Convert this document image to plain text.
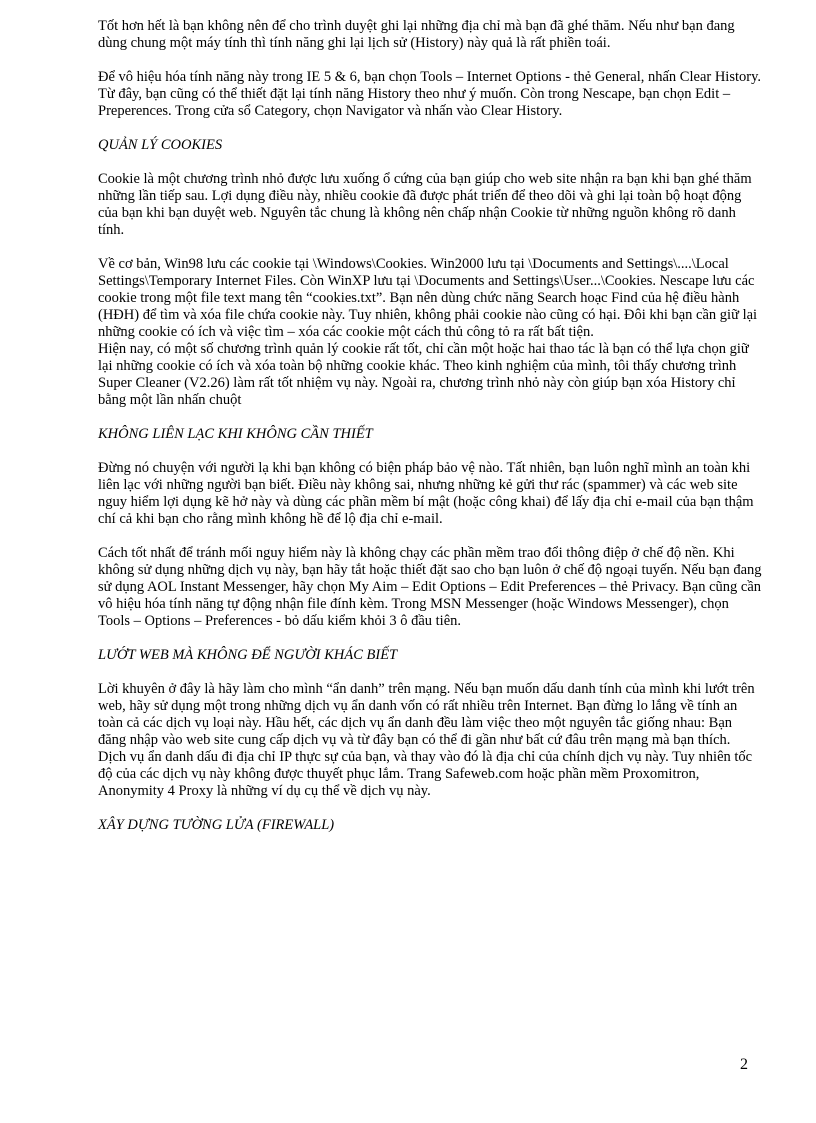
Tốt hơn hết là bạn không nên để cho trình duyệt ghi lại những địa chỉ mà bạn đã ghé thăm. Nếu như bạn đang dùng chung một máy tính thì tính năng ghi lại lịch sử (History) này quả là rất phiền toái.

Để vô hiệu hóa tính năng này trong IE 5 & 6, bạn chọn Tools – Internet Options - thẻ General, nhấn Clear History. Từ đây, bạn cũng có thể thiết đặt lại tính năng History theo như ý muốn. Còn trong Nescape, bạn chọn Edit – Preperences. Trong cửa sổ Category, chọn Navigator và nhấn vào Clear History.

QUẢN LÝ COOKIES

Cookie là một chương trình nhỏ được lưu xuống ổ cứng của bạn giúp cho web site nhận ra bạn khi bạn ghé thăm những lần tiếp sau. Lợi dụng điều này, nhiều cookie đã được phát triển để theo dõi và ghi lại toàn bộ hoạt động của bạn khi bạn duyệt web. Nguyên tắc chung là không nên chấp nhận Cookie từ những nguồn không rõ danh tính.

Về cơ bản, Win98 lưu các cookie tại \Windows\Cookies. Win2000 lưu tại \Documents and Settings\....\Local Settings\Temporary Internet Files. Còn WinXP lưu tại \Documents and Settings\User...\Cookies. Nescape lưu các cookie trong một file text mang tên “cookies.txt”. Bạn nên dùng chức năng Search hoạc Find của hệ điều hành (HĐH) để tìm và xóa file chứa cookie này. Tuy nhiên, không phải cookie nào cũng có hại. Đôi khi bạn cần giữ lại những cookie có ích và việc tìm – xóa các cookie một cách thủ công tỏ ra rất bất tiện.

Hiện nay, có một số chương trình quản lý cookie rất tốt, chỉ cần một hoặc hai thao tác là bạn có thể lựa chọn giữ lại những cookie có ích và xóa toàn bộ những cookie khác. Theo kinh nghiệm của mình, tôi thấy chương trình Super Cleaner (V2.26) làm rất tốt nhiệm vụ này. Ngoài ra, chương trình nhỏ này còn giúp bạn xóa History chỉ bằng một lần nhấn chuột

KHÔNG LIÊN LẠC KHI KHÔNG CẦN THIẾT

Đừng nó chuyện với người lạ khi bạn không có biện pháp bảo vệ nào. Tất nhiên, bạn luôn nghĩ mình an toàn khi liên lạc với những người bạn biết. Điều này không sai, nhưng những kẻ gửi thư rác (spammer) và các web site nguy hiểm lợi dụng kẽ hở này và dùng các phần mềm bí mật (hoặc công khai) để lấy địa chỉ e-mail của bạn thậm chí cả khi bạn cho rằng mình không hề để lộ địa chỉ e-mail.

Cách tốt nhất để tránh mối nguy hiểm này là không chạy các phần mềm trao đổi thông điệp ở chế độ nền. Khi không sử dụng những dịch vụ này, bạn hãy tắt hoặc thiết đặt sao cho bạn luôn ở chế độ ngoại tuyến. Nếu bạn đang sử dụng AOL Instant Messenger, hãy chọn My Aim – Edit Options – Edit Preferences – thẻ Privacy. Bạn cũng cần vô hiệu hóa tính năng tự động nhận file đính kèm. Trong MSN Messenger (hoặc Windows Messenger), chọn Tools – Options – Preferences - bỏ dấu kiểm khỏi 3 ô đầu tiên.

LƯỚT WEB MÀ KHÔNG ĐỂ NGƯỜI KHÁC BIẾT

Lời khuyên ở đây là hãy làm cho mình “ẩn danh” trên mạng. Nếu bạn muốn dấu danh tính của mình khi lướt trên web, hãy sử dụng một trong những dịch vụ ẩn danh vốn có rất nhiều trên Internet. Bạn đừng lo lắng về tính an toàn cả các dịch vụ loại này. Hầu hết, các dịch vụ ẩn danh đều làm việc theo một nguyên tắc giống nhau: Bạn đăng nhập vào web site cung cấp dịch vụ và từ đây bạn có thể đi gần như bất cứ đâu trên mạng mà bạn thích. Dịch vụ ẩn danh dấu đi địa chỉ IP thực sự của bạn, và thay vào đó là địa chỉ của chính dịch vụ này. Tuy nhiên tốc độ của các dịch vụ này không được thuyết phục lắm. Trang Safeweb.com hoặc phần mềm Proxomitron, Anonymity 4 Proxy là những ví dụ cụ thể về dịch vụ này.

XÂY DỰNG TƯỜNG LỬA (FIREWALL)
2
